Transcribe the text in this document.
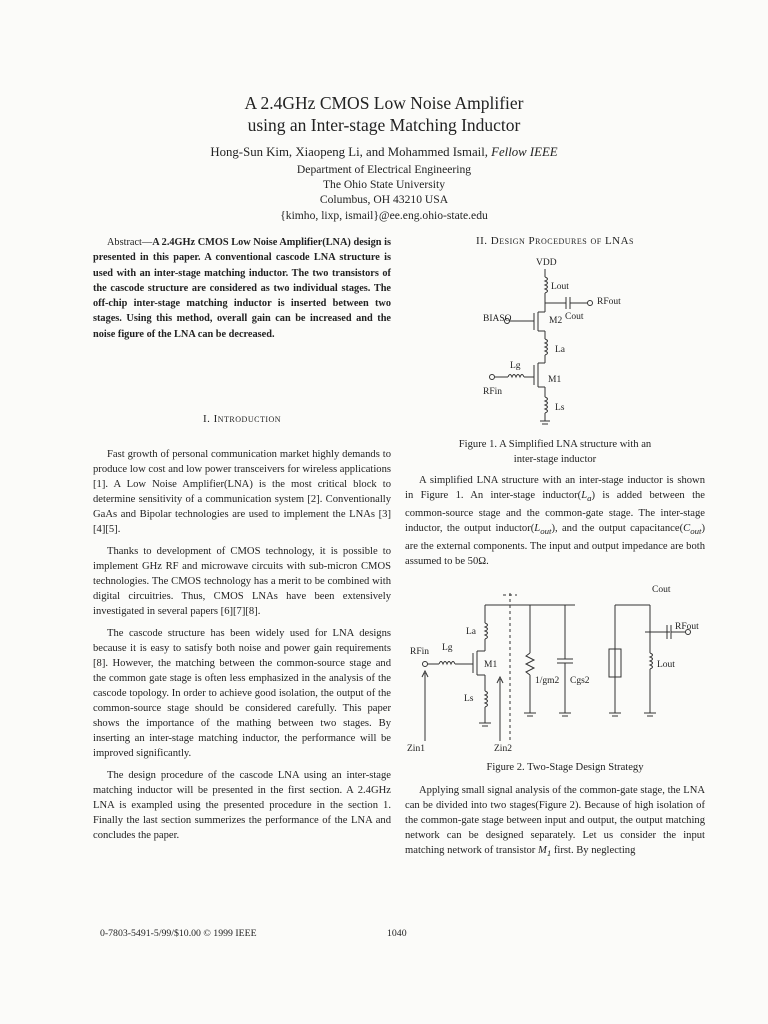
A 2.4GHz CMOS Low Noise Amplifier
using an Inter-stage Matching Inductor
Hong-Sun Kim, Xiaopeng Li, and Mohammed Ismail, Fellow IEEE
Department of Electrical Engineering
The Ohio State University
Columbus, OH 43210 USA
{kimho, lixp, ismail}@ee.eng.ohio-state.edu
Abstract—A 2.4GHz CMOS Low Noise Amplifier(LNA) design is presented in this paper. A conventional cascode LNA structure is used with an inter-stage matching inductor. The two transistors of the cascode structure are considered as two individual stages. The off-chip inter-stage matching inductor is inserted between two stages. Using this method, overall gain can be increased and the noise figure of the LNA can be decreased.
I. Introduction

Fast growth of personal communication market highly demands to produce low cost and low power transceivers for wireless applications [1]. A Low Noise Amplifier(LNA) is the most critical block to determine sensitivity of a communication system [2]. Conventionally GaAs and Bipolar technologies are used to implement the LNAs [3][4][5].

Thanks to development of CMOS technology, it is possible to implement GHz RF and microwave circuits with sub-micron CMOS technologies. The CMOS technology has a merit to be combined with digital circuitries. Thus, CMOS LNAs have been extensively investigated in several papers [6][7][8].

The cascode structure has been widely used for LNA designs because it is easy to satisfy both noise and power gain requirements [8]. However, the matching between the common-source stage and the common gate stage is often less emphasized in the analysis of the cascode topology. In order to achieve good isolation, the output of the common-source stage should be considered carefully. This paper shows the importance of the mathing between two stages. By inserting an inter-stage matching inductor, the performance will be improved significantly.

The design procedure of the cascode LNA using an inter-stage matching inductor will be presented in the first section. A 2.4GHz LNA is exampled using the presented procedure in the section 1. Finally the last section summerizes the performance of the LNA and concludes the paper.

II. Design Procedures of LNAs
VDD
Lout
RFout
BIASO	M2 Cout
La
Lg
M1
RFin
Ls
Figure 1. A Simplified LNA structure with an
inter-stage inductor
A simplified LNA structure with an inter-stage inductor is shown in Figure 1. An inter-stage $inductor(L_a)$ is added between the common-source stage and the common-gate stage. The inter-stage inductor, the output $inductor(L_{out})$, and the output $capacitance(C_{out})$ are the external components. The input and output impedance are both assumed to be 50Ω.
Cout
RFout
La
RFin Lg
M1
1/gm2 Cgs2
Lout
Ls
Zin1	Zin2
Figure 2. Two-Stage Design Strategy
Applying small signal analysis of the common-gate stage, the LNA can be divided into two stages(Figure 2). Because of high isolation of the common-gate stage between input and output, the output matching network can be designed separately. Let us consider the input matching network of transistor $M_1$ first. By neglecting
0-7803-5491-5/99/$10.00 © 1999 IEEE	1040
